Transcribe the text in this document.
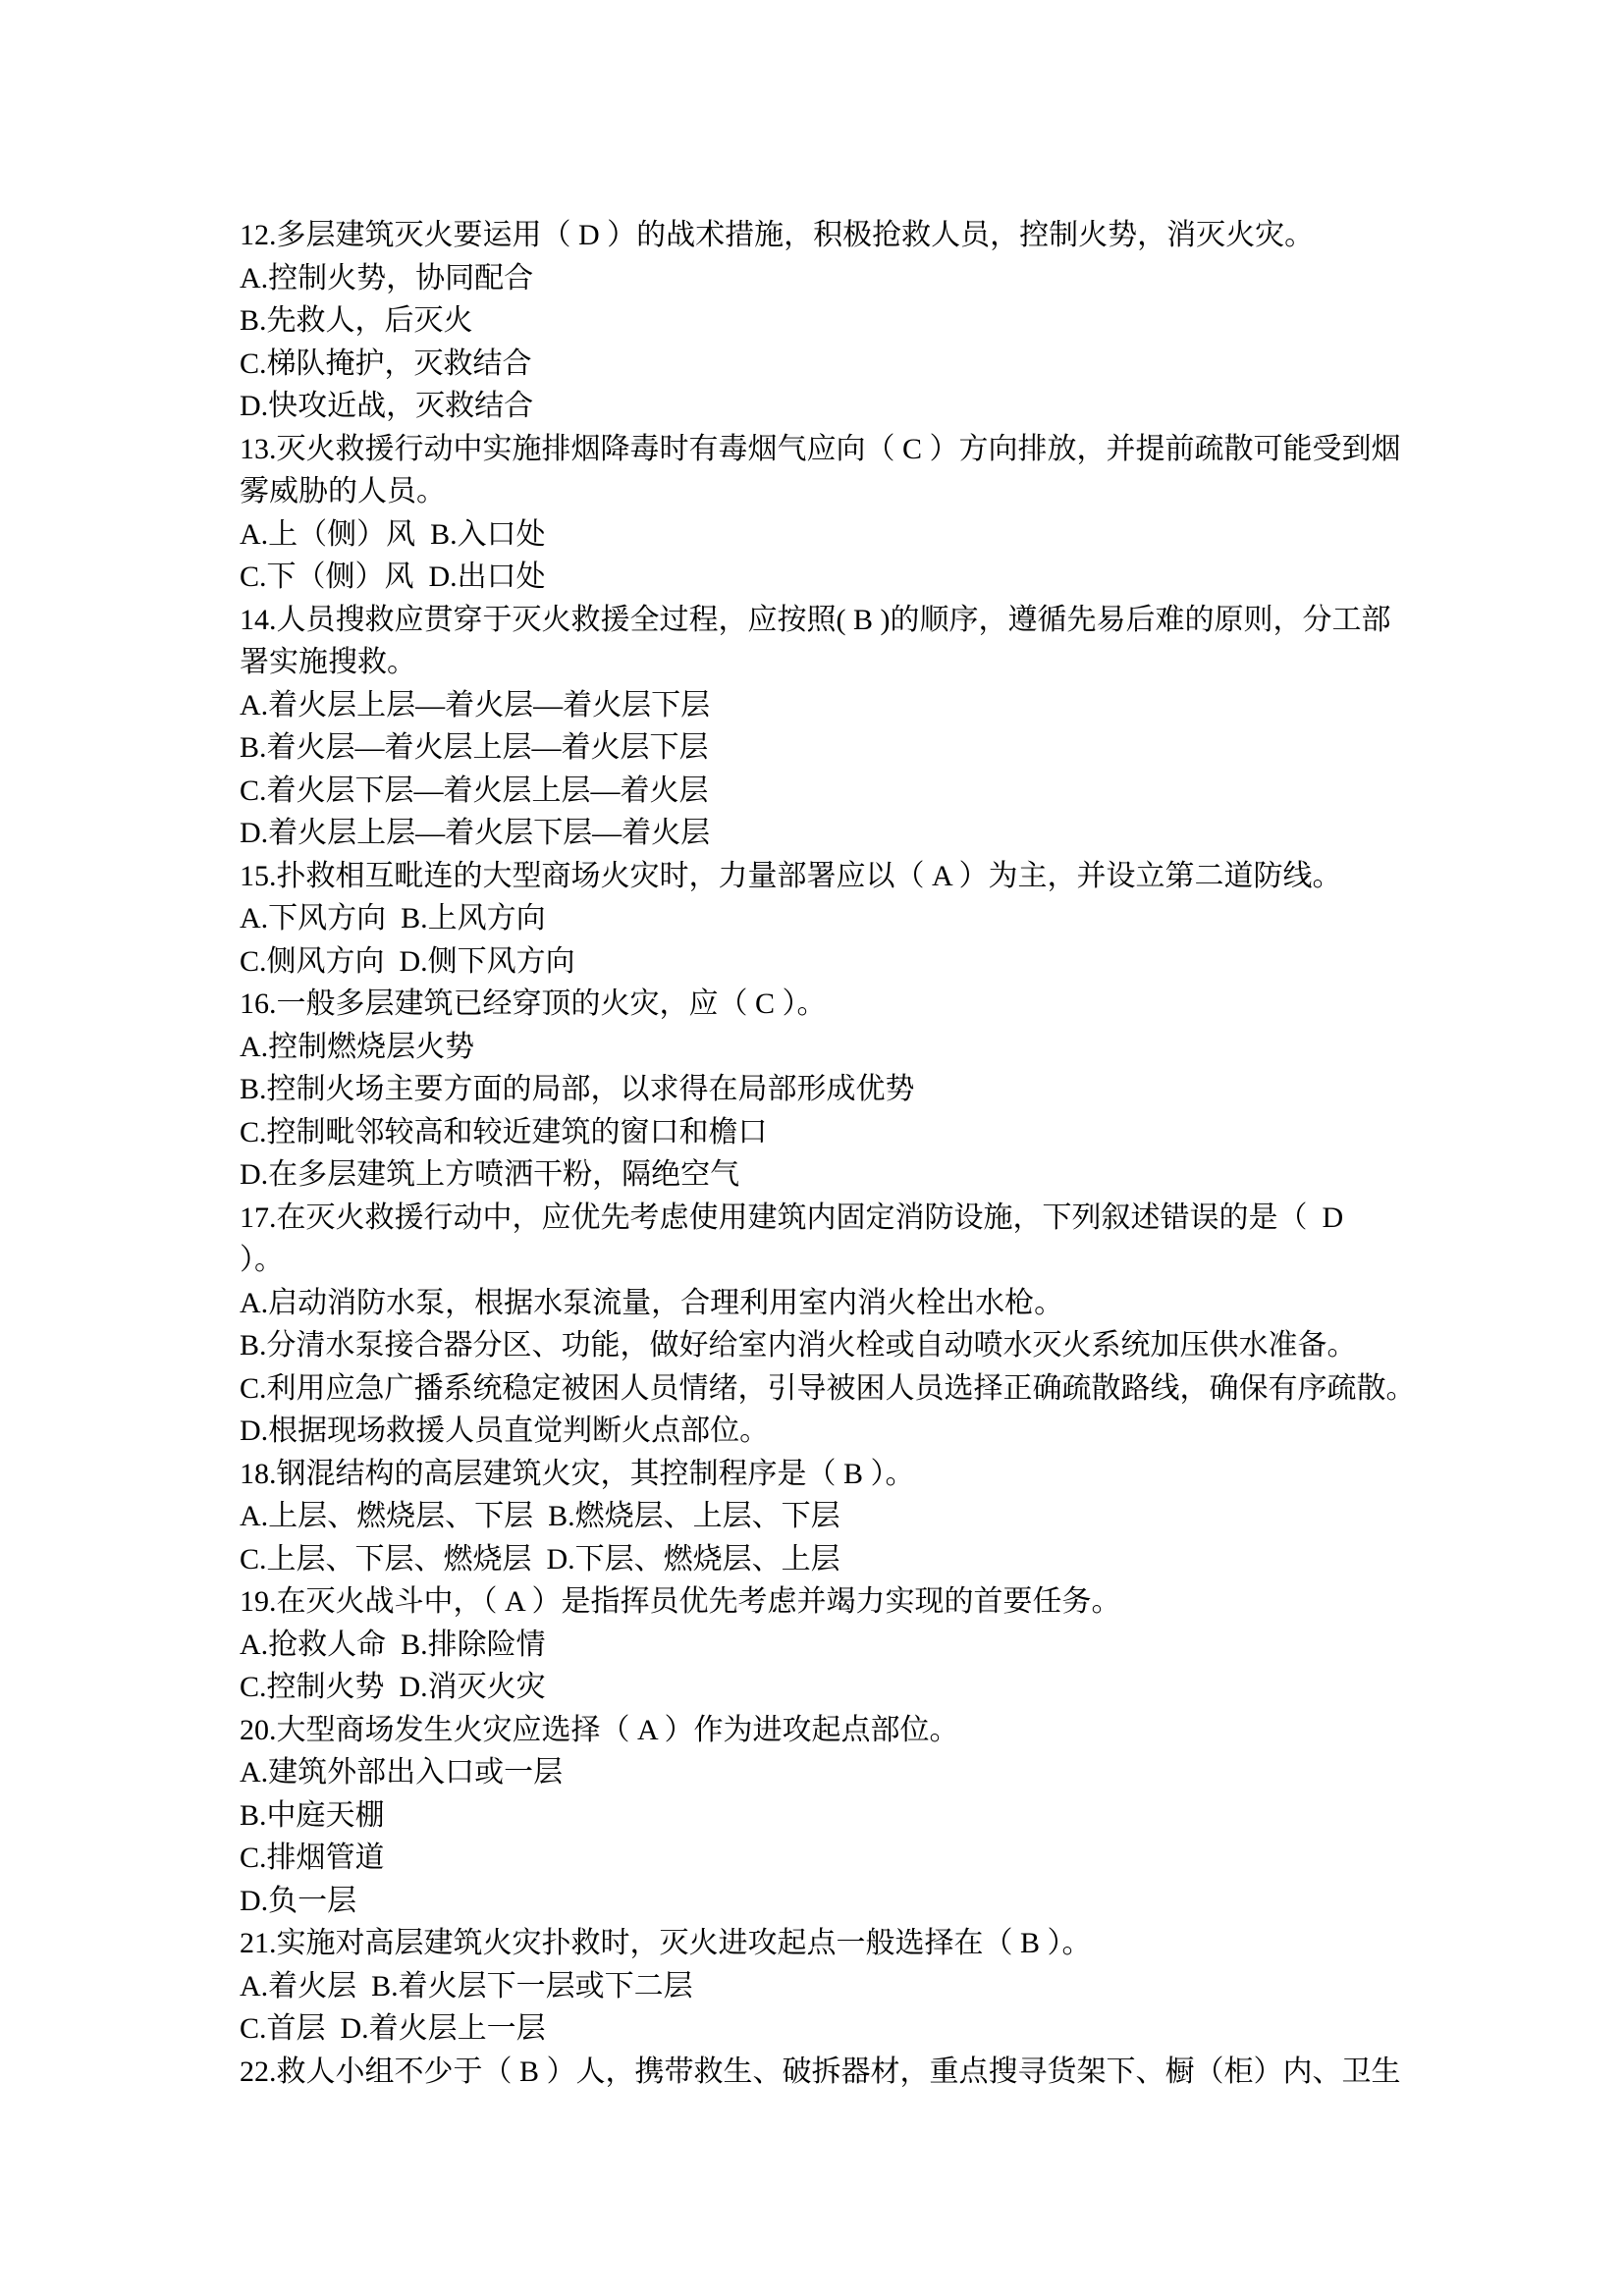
12.多层建筑灭火要运用（ D ）的战术措施，积极抢救人员，控制火势，消灭火灾。
A.控制火势，协同配合
B.先救人，后灭火
C.梯队掩护，灭救结合
D.快攻近战，灭救结合
13.灭火救援行动中实施排烟降毒时有毒烟气应向（ C ）方向排放，并提前疏散可能受到烟
雾威胁的人员。
A.上（侧）风  B.入口处
C.下（侧）风  D.出口处
14.人员搜救应贯穿于灭火救援全过程，应按照( B )的顺序，遵循先易后难的原则，分工部
署实施搜救。
A.着火层上层—着火层—着火层下层
B.着火层—着火层上层—着火层下层
C.着火层下层—着火层上层—着火层
D.着火层上层—着火层下层—着火层
15.扑救相互毗连的大型商场火灾时，力量部署应以（ A ）为主，并设立第二道防线。
A.下风方向  B.上风方向
C.侧风方向  D.侧下风方向
16.一般多层建筑已经穿顶的火灾，应（ C ）。
A.控制燃烧层火势
B.控制火场主要方面的局部，以求得在局部形成优势
C.控制毗邻较高和较近建筑的窗口和檐口
D.在多层建筑上方喷洒干粉，隔绝空气
17.在灭火救援行动中，应优先考虑使用建筑内固定消防设施，下列叙述错误的是（  D
）。
A.启动消防水泵，根据水泵流量，合理利用室内消火栓出水枪。
B.分清水泵接合器分区、功能，做好给室内消火栓或自动喷水灭火系统加压供水准备。
C.利用应急广播系统稳定被困人员情绪，引导被困人员选择正确疏散路线，确保有序疏散。
D.根据现场救援人员直觉判断火点部位。
18.钢混结构的高层建筑火灾，其控制程序是（ B ）。
A.上层、燃烧层、下层  B.燃烧层、上层、下层
C.上层、下层、燃烧层  D.下层、燃烧层、上层
19.在灭火战斗中，（ A ）是指挥员优先考虑并竭力实现的首要任务。
A.抢救人命  B.排除险情
C.控制火势  D.消灭火灾
20.大型商场发生火灾应选择（ A ）作为进攻起点部位。
A.建筑外部出入口或一层
B.中庭天棚
C.排烟管道
D.负一层
21.实施对高层建筑火灾扑救时，灭火进攻起点一般选择在（ B ）。
A.着火层  B.着火层下一层或下二层
C.首层  D.着火层上一层
22.救人小组不少于（ B ）人，携带救生、破拆器材，重点搜寻货架下、橱（柜）内、卫生
